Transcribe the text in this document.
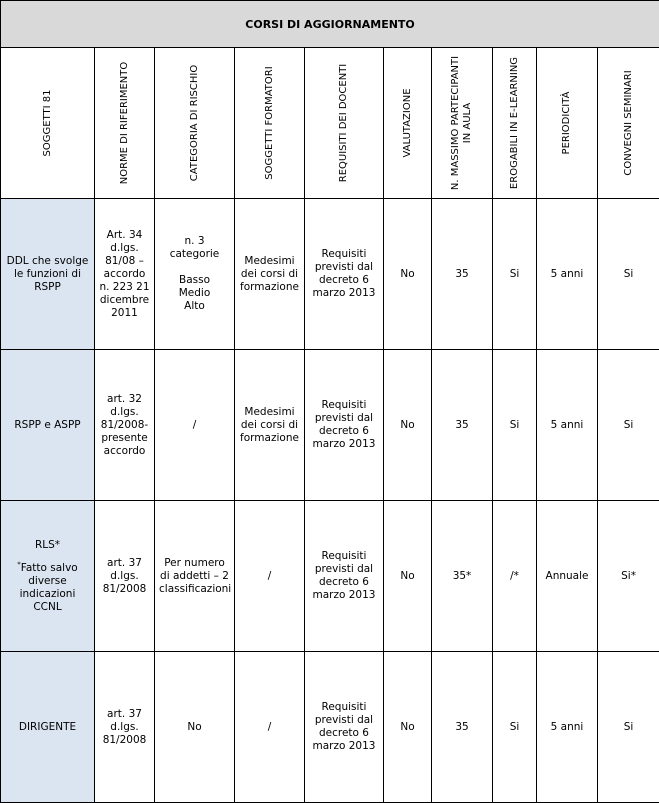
CORSI DI AGGIORNAMENTO									

SOGGETTI 81	NORME DI RIFERIMENTO	CATEGORIA DI RISCHIO	SOGGETTI FORMATORI	REQUISITI DEI DOCENTI	VALUTAZIONE	N. MASSIMO PARTECIPANTI IN AULA	EROGABILI IN E-LEARNING	PERIODICITÀ	CONVEGNI SEMINARI

DDL che svolge le funzioni di RSPP	Art. 34 d.lgs. 81/08 – accordo n. 223 21 dicembre 2011	n. 3 categorie
Basso
Medio
Alto	Medesimi dei corsi di formazione	Requisiti previsti dal decreto 6 marzo 2013	No	35	Si	5 anni	Si
RSPP e ASPP	art. 32 d.lgs. 81/2008- presente accordo	/	Medesimi dei corsi di formazione	Requisiti previsti dal decreto 6 marzo 2013	No	35	Si	5 anni	Si

RLS*
*Fatto salvo diverse indicazioni CCNL	art. 37 d.lgs. 81/2008	Per numero di addetti – 2 classificazioni	/	Requisiti previsti dal decreto 6 marzo 2013	No	35*	/*	Annuale	Si*
DIRIGENTE	art. 37 d.lgs. 81/2008	No	/	Requisiti previsti dal decreto 6 marzo 2013	No	35	Si	5 anni	Si
